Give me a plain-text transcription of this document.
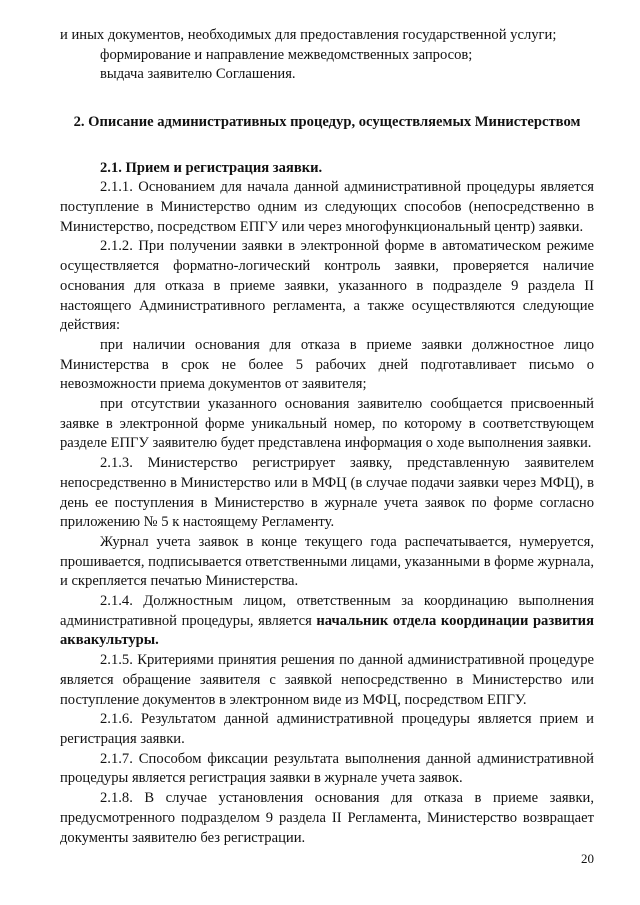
и иных документов, необходимых для предоставления государственной услуги;

формирование и направление межведомственных запросов;

выдача заявителю Соглашения.

2. Описание административных процедур, осуществляемых Министерством

2.1. Прием и регистрация заявки.

2.1.1. Основанием для начала данной административной процедуры является поступление в Министерство одним из следующих способов (непосредственно в Министерство, посредством ЕПГУ или через многофункциональный центр) заявки.

2.1.2. При получении заявки в электронной форме в автоматическом режиме осуществляется форматно-логический контроль заявки, проверяется наличие основания для отказа в приеме заявки, указанного в подразделе 9 раздела II настоящего Административного регламента, а также осуществляются следующие действия:

при наличии основания для отказа в приеме заявки должностное лицо Министерства в срок не более 5 рабочих дней подготавливает письмо о невозможности приема документов от заявителя;

при отсутствии указанного основания заявителю сообщается присвоенный заявке в электронной форме уникальный номер, по которому в соответствующем разделе ЕПГУ заявителю будет представлена информация о ходе выполнения заявки.

2.1.3. Министерство регистрирует заявку, представленную заявителем непосредственно в Министерство или в МФЦ (в случае подачи заявки через МФЦ), в день ее поступления в Министерство в журнале учета заявок по форме согласно приложению № 5 к настоящему Регламенту.

Журнал учета заявок в конце текущего года распечатывается, нумеруется, прошивается, подписывается ответственными лицами, указанными в форме журнала, и скрепляется печатью Министерства.

2.1.4. Должностным лицом, ответственным за координацию выполнения административной процедуры, является начальник отдела координации развития аквакультуры.

2.1.5. Критериями принятия решения по данной административной процедуре является обращение заявителя с заявкой непосредственно в Министерство или поступление документов в электронном виде из МФЦ, посредством ЕПГУ.

2.1.6. Результатом данной административной процедуры является прием и регистрация заявки.

2.1.7. Способом фиксации результата выполнения данной административной процедуры является регистрация заявки в журнале учета заявок.

2.1.8. В случае установления основания для отказа в приеме заявки, предусмотренного подразделом 9 раздела II Регламента, Министерство возвращает документы заявителю без регистрации.

20
